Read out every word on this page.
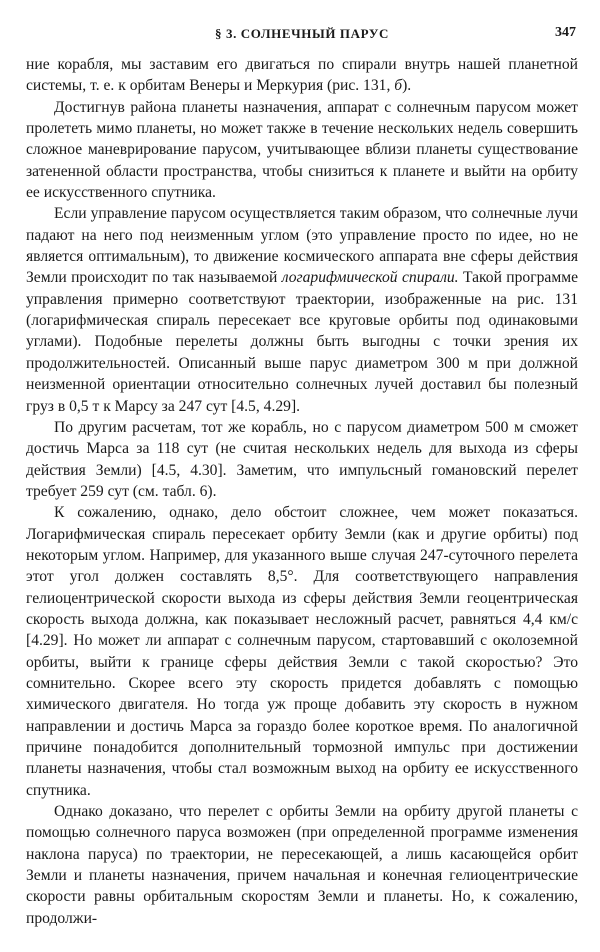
§ 3. СОЛНЕЧНЫЙ ПАРУС	347

ние корабля, мы заставим его двигаться по спирали внутрь нашей планетной системы, т. е. к орбитам Венеры и Меркурия (рис. 131, б).

Достигнув района планеты назначения, аппарат с солнечным парусом может пролететь мимо планеты, но может также в течение нескольких недель совершить сложное маневрирование парусом, учитывающее вблизи планеты существование затененной области пространства, чтобы снизиться к планете и выйти на орбиту ее искусственного спутника.

Если управление парусом осуществляется таким образом, что солнечные лучи падают на него под неизменным углом (это управление просто по идее, но не является оптимальным), то движение космического аппарата вне сферы действия Земли происходит по так называемой логарифмической спирали. Такой программе управления примерно соответствуют траектории, изображенные на рис. 131 (логарифмическая спираль пересекает все круговые орбиты под одинаковыми углами). Подобные перелеты должны быть выгодны с точки зрения их продолжительностей. Описанный выше парус диаметром 300 м при должной неизменной ориентации относительно солнечных лучей доставил бы полезный груз в 0,5 т к Марсу за 247 сут [4.5, 4.29].

По другим расчетам, тот же корабль, но с парусом диаметром 500 м сможет достичь Марса за 118 сут (не считая нескольких недель для выхода из сферы действия Земли) [4.5, 4.30]. Заметим, что импульсный гомановский перелет требует 259 сут (см. табл. 6).

К сожалению, однако, дело обстоит сложнее, чем может показаться. Логарифмическая спираль пересекает орбиту Земли (как и другие орбиты) под некоторым углом. Например, для указанного выше случая 247-суточного перелета этот угол должен составлять 8,5°. Для соответствующего направления гелиоцентрической скорости выхода из сферы действия Земли геоцентрическая скорость выхода должна, как показывает несложный расчет, равняться 4,4 км/с [4.29]. Но может ли аппарат с солнечным парусом, стартовавший с околоземной орбиты, выйти к границе сферы действия Земли с такой скоростью? Это сомнительно. Скорее всего эту скорость придется добавлять с помощью химического двигателя. Но тогда уж проще добавить эту скорость в нужном направлении и достичь Марса за гораздо более короткое время. По аналогичной причине понадобится дополнительный тормозной импульс при достижении планеты назначения, чтобы стал возможным выход на орбиту ее искусственного спутника.

Однако доказано, что перелет с орбиты Земли на орбиту другой планеты с помощью солнечного паруса возможен (при определенной программе изменения наклона паруса) по траектории, не пересекающей, а лишь касающейся орбит Земли и планеты назначения, причем начальная и конечная гелиоцентрические скорости равны орбитальным скоростям Земли и планеты. Но, к сожалению, продолжи-
